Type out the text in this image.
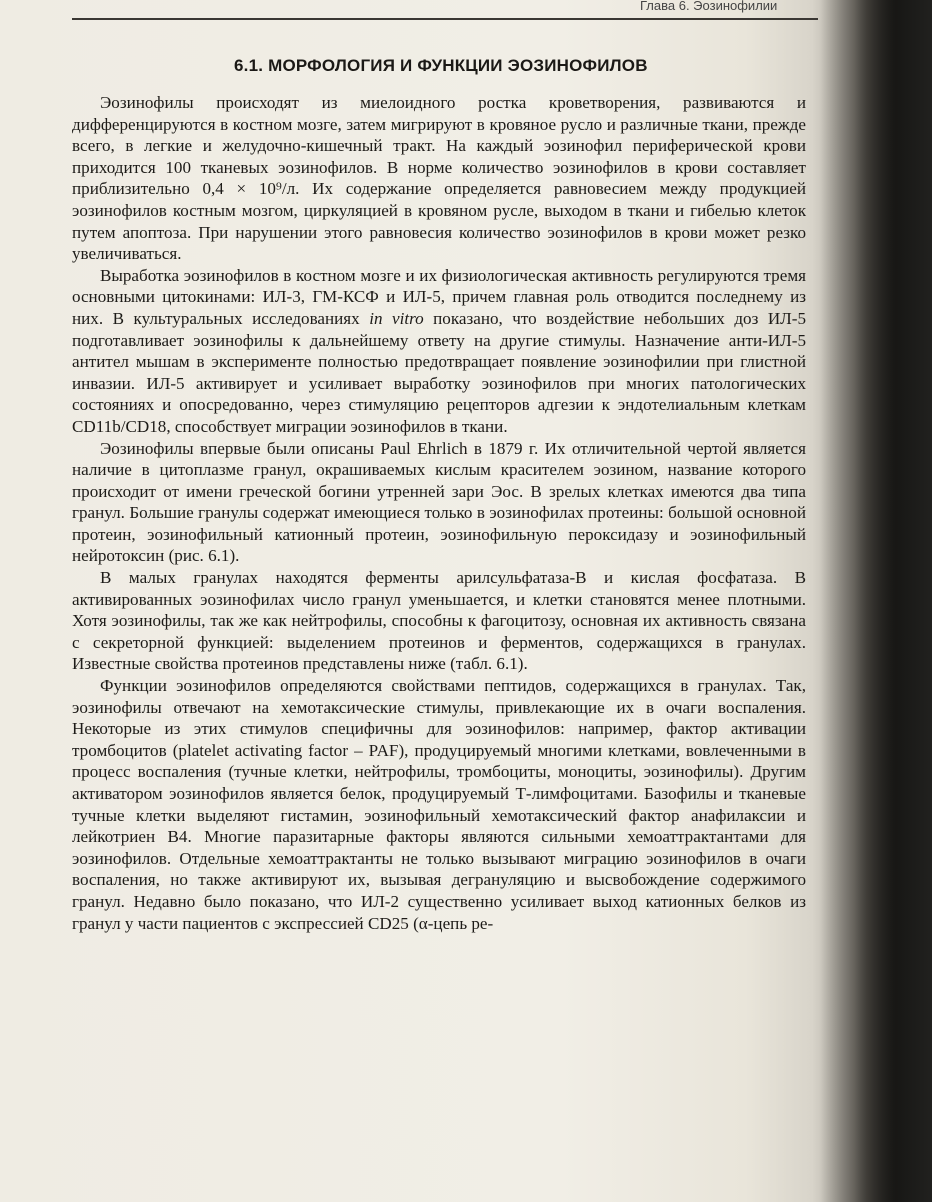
Глава 6. Эозинофилии
6.1. МОРФОЛОГИЯ И ФУНКЦИИ ЭОЗИНОФИЛОВ

Эозинофилы происходят из миелоидного ростка кроветворения, развиваются и дифференцируются в костном мозге, затем мигрируют в кровяное русло и различные ткани, прежде всего, в легкие и желудочно-кишечный тракт. На каждый эозинофил периферической крови приходится 100 тканевых эозинофилов. В норме количество эозинофилов в крови составляет приблизительно 0,4 × 10⁹/л. Их содержание определяется равновесием между продукцией эозинофилов костным мозгом, циркуляцией в кровяном русле, выходом в ткани и гибелью клеток путем апоптоза. При нарушении этого равновесия количество эозинофилов в крови может резко увеличиваться.

Выработка эозинофилов в костном мозге и их физиологическая активность регулируются тремя основными цитокинами: ИЛ-3, ГМ-КСФ и ИЛ-5, причем главная роль отводится последнему из них. В культуральных исследованиях in vitro показано, что воздействие небольших доз ИЛ-5 подготавливает эозинофилы к дальнейшему ответу на другие стимулы. Назначение анти-ИЛ-5 антител мышам в эксперименте полностью предотвращает появление эозинофилии при глистной инвазии. ИЛ-5 активирует и усиливает выработку эозинофилов при многих патологических состояниях и опосредованно, через стимуляцию рецепторов адгезии к эндотелиальным клеткам CD11b/CD18, способствует миграции эозинофилов в ткани.

Эозинофилы впервые были описаны Paul Ehrlich в 1879 г. Их отличительной чертой является наличие в цитоплазме гранул, окрашиваемых кислым красителем эозином, название которого происходит от имени греческой богини утренней зари Эос. В зрелых клетках имеются два типа гранул. Большие гранулы содержат имеющиеся только в эозинофилах протеины: большой основной протеин, эозинофильный катионный протеин, эозинофильную пероксидазу и эозинофильный нейротоксин (рис. 6.1).

В малых гранулах находятся ферменты арилсульфатаза-В и кислая фосфатаза. В активированных эозинофилах число гранул уменьшается, и клетки становятся менее плотными. Хотя эозинофилы, так же как нейтрофилы, способны к фагоцитозу, основная их активность связана с секреторной функцией: выделением протеинов и ферментов, содержащихся в гранулах. Известные свойства протеинов представлены ниже (табл. 6.1).

Функции эозинофилов определяются свойствами пептидов, содержащихся в гранулах. Так, эозинофилы отвечают на хемотаксические стимулы, привлекающие их в очаги воспаления. Некоторые из этих стимулов специфичны для эозинофилов: например, фактор активации тромбоцитов (platelet activating factor – PAF), продуцируемый многими клетками, вовлеченными в процесс воспаления (тучные клетки, нейтрофилы, тромбоциты, моноциты, эозинофилы). Другим активатором эозинофилов является белок, продуцируемый Т-лимфоцитами. Базофилы и тканевые тучные клетки выделяют гистамин, эозинофильный хемотаксический фактор анафилаксии и лейкотриен B4. Многие паразитарные факторы являются сильными хемоаттрактантами для эозинофилов. Отдельные хемоаттрактанты не только вызывают миграцию эозинофилов в очаги воспаления, но также активируют их, вызывая дегрануляцию и высвобождение содержимого гранул. Недавно было показано, что ИЛ-2 существенно усиливает выход катионных белков из гранул у части пациентов с экспрессией CD25 (α-цепь ре-
